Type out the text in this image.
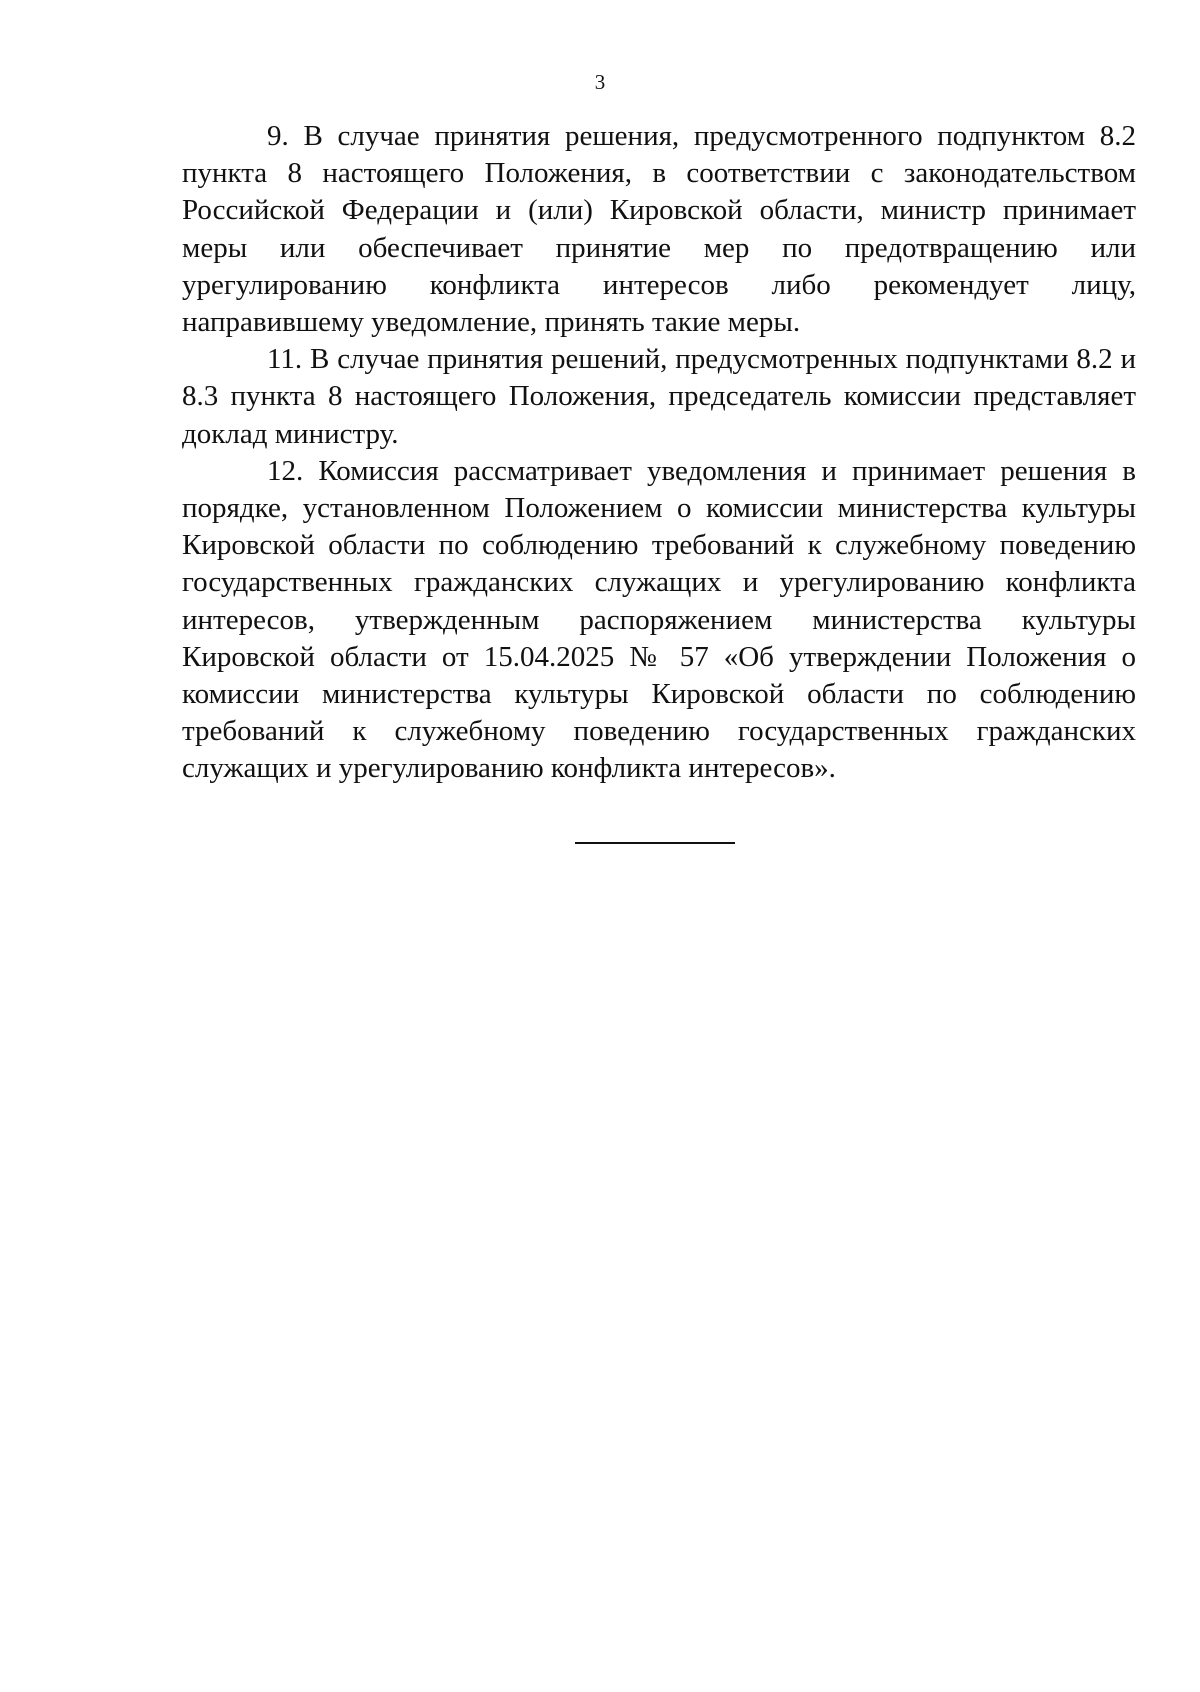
3

9. В случае принятия решения, предусмотренного подпунктом 8.2 пункта 8 настоящего Положения, в соответствии с законодательством Российской Федерации и (или) Кировской области, министр принимает меры или обеспечивает принятие мер по предотвращению или урегулированию конфликта интересов либо рекомендует лицу, направившему уведомление, принять такие меры.

11. В случае принятия решений, предусмотренных подпунктами 8.2 и 8.3 пункта 8 настоящего Положения, председатель комиссии представляет доклад министру.

12. Комиссия рассматривает уведомления и принимает решения в порядке, установленном Положением о комиссии министерства культуры Кировской области по соблюдению требований к служебному поведению государственных гражданских служащих и урегулированию конфликта интересов, утвержденным распоряжением министерства культуры Кировской области от 15.04.2025 № 57 «Об утверждении Положения о комиссии министерства культуры Кировской области по соблюдению требований к служебному поведению государственных гражданских служащих и урегулированию конфликта интересов».
